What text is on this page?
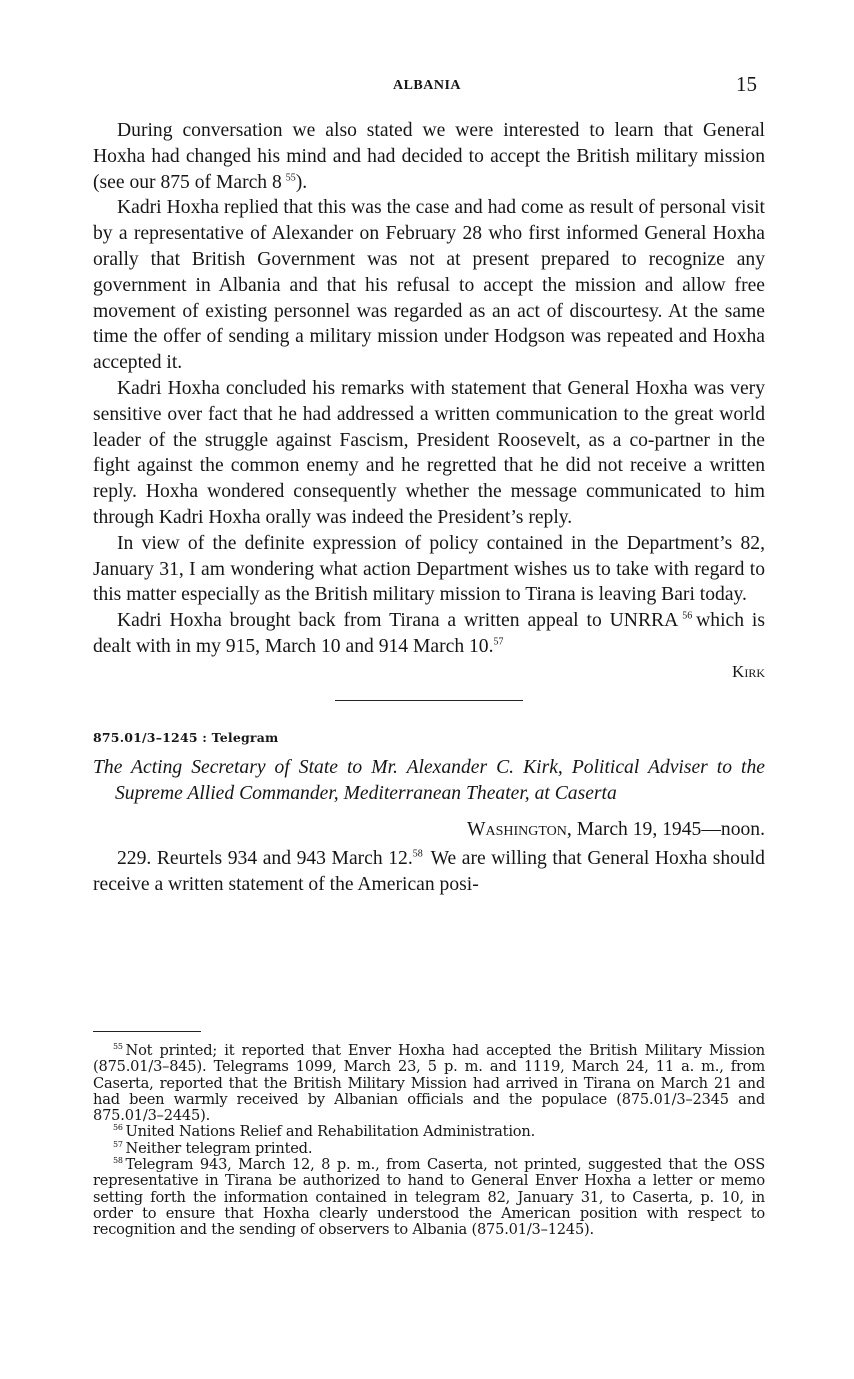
ALBANIA	15

During conversation we also stated we were interested to learn that General Hoxha had changed his mind and had decided to accept the British military mission (see our 875 of March 8  $^{55}$).

Kadri Hoxha replied that this was the case and had come as result of personal visit by a representative of Alexander on February 28 who first informed General Hoxha orally that British Government was not at present prepared to recognize any government in Albania and that his refusal to accept the mission and allow free movement of existing personnel was regarded as an act of discourtesy. At the same time the offer of sending a military mission under Hodgson was repeated and Hoxha accepted it.

Kadri Hoxha concluded his remarks with statement that General Hoxha was very sensitive over fact that he had addressed a written communication to the great world leader of the struggle against Fascism, President Roosevelt, as a co-partner in the fight against the common enemy and he regretted that he did not receive a written reply. Hoxha wondered consequently whether the message communicated to him through Kadri Hoxha orally was indeed the President’s reply.

In view of the definite expression of policy contained in the Department’s 82, January 31, I am wondering what action Department wishes us to take with regard to this matter especially as the British military mission to Tirana is leaving Bari today.

Kadri Hoxha brought back from Tirana a written appeal to UNRRA  $^{56}$  which is dealt with in my 915, March 10 and 914 March 10.57

Kirk
875.01/3–1245 : Telegram
The Acting Secretary of State to Mr. Alexander C. Kirk, Political Adviser to the Supreme Allied Commander, Mediterranean Theater, at Caserta
Washington, March 19, 1945—noon.

229. Reurtels 934 and 943 March 12.58   We are willing that General Hoxha should receive a written statement of the American posi-

$^{55}$  Not printed; it reported that Enver Hoxha had accepted the British Military Mission (875.01/3–845). Telegrams 1099, March 23, 5 p. m. and 1119, March 24, 11 a. m., from Caserta, reported that the British Military Mission had arrived in Tirana on March 21 and had been warmly received by Albanian officials and the populace (875.01/3–2345 and 875.01/3–2445).

$^{56}$  United Nations Relief and Rehabilitation Administration.

$^{57}$  Neither telegram printed.

$^{58}$  Telegram 943, March 12, 8 p. m., from Caserta, not printed, suggested that the OSS representative in Tirana be authorized to hand to General Enver Hoxha a letter or memo setting forth the information contained in telegram 82, January 31, to Caserta, p. 10, in order to ensure that Hoxha clearly understood the American position with respect to recognition and the sending of observers to Albania (875.01/3–1245).
